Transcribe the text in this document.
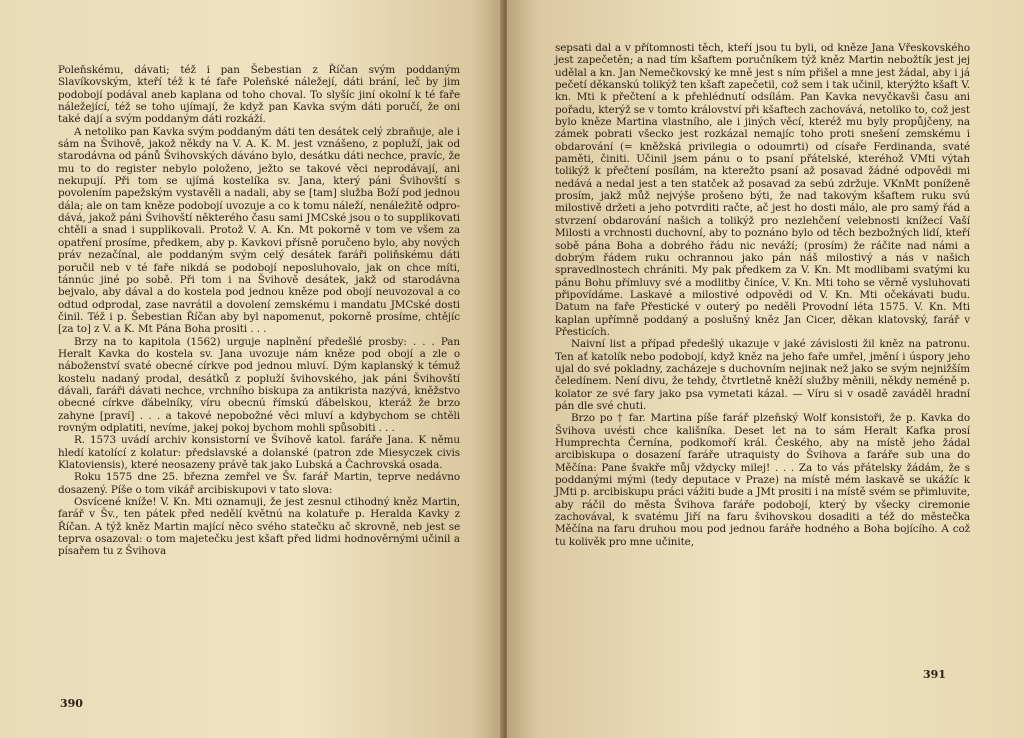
Poleňskému, dávati; též i pan Šebestian z Říčan svým poddaným Slavíkovským, kteří též k té faře Poleňské náležejí, dáti brání, leč by jim podobojí podával aneb kaplana od toho choval. To slyšíc jiní okolní k té faře náležející, též se toho ujímají, že když pan Kavka svým dáti poručí, že oni také dají a svým poddaným dáti rozkáží.

A netoliko pan Kavka svým poddaným dáti ten desátek celý zbraňuje, ale i sám na Švihově, jakož někdy na V. A. K. M. jest vznášeno, z popluží, jak od starodávna od pánů Švihovských dáváno bylo, desátku dáti nechce, pravíc, že mu to do register nebylo položeno, ježto se takové věci neprodávají, ani nekupují. Při tom se ujímá kostelíka sv. Jana, který páni Švihovští s povolením papežským vystavěli a nadali, aby se [tam] služba Boží pod jednou dála; ale on tam kněze podobojí uvozuje a co k tomu náleží, nenáležitě odprodává, jakož páni Švihovští některého času sami JMCské jsou o to supplikovati chtěli a snad i supplikovali. Protož V. A. Kn. Mt pokorně v tom ve všem za opatření prosíme, předkem, aby p. Kavkovi přísně poručeno bylo, aby nových práv nezačínal, ale poddaným svým celý desátek faráři poliňskému dáti poručil neb v té faře nikdá se podobojí neposluhovalo, jak on chce míti, tánnúc jiné po sobě. Při tom i na Švihově desátek, jakž od starodávna bejvalo, aby dával a do kostela pod jednou kněze pod obojí neuvozoval a co odtud odprodal, zase navrátil a dovolení zemskému i mandatu JMCské dosti činil. Též i p. Šebestian Říčan aby byl napomenut, pokorně prosíme, chtějíc [za to] z V. a K. Mt Pána Boha prositi . . .

Brzy na to kapitola (1562) urguje naplnění předešlé prosby: . . . Pan Heralt Kavka do kostela sv. Jana uvozuje nám kněze pod obojí a zle o náboženství svaté obecné církve pod jednou mluví. Dým kaplanský k témuž kostelu nadaný prodal, desátků z popluží švihovského, jak páni Švihovští dávali, faráři dávati nechce, vrchního biskupa za antikrista nazývá, kněžstvo obecné církve ďábelníky, víru obecnú římskú ďábelskou, kteráž že brzo zahyne [praví] . . . a takové nepobožné věci mluví a kdybychom se chtěli rovným odplatiti, nevíme, jakej pokoj bychom mohli spůsobiti . . .

R. 1573 uvádí archiv konsistorní ve Švihově katol. faráře Jana. K němu hledí katolící z kolatur: předslavské a dolanské (patron zde Miesyczek civis Klatoviensis), které neosazeny právě tak jako Lubská a Čachrovská osada.

Roku 1575 dne 25. března zemřel ve Šv. farář Martin, teprve nedávno dosazený. Píše o tom vikář arcibiskupovi v tato slova:

Osvícené kníže! V. Kn. Mti oznamuji, že jest zesnul ctihodný kněz Martin, farář v Šv., ten pátek před nedělí květnú na kolatuře p. Heralda Kavky z Říčan. A týž kněz Martin mající něco svého statečku ač skrovně, neb jest se teprva osazoval: o tom majetečku jest kšaft před lidmi hodnověrnými učinil a písařem tu z Švihova

390

sepsati dal a v přítomnosti těch, kteří jsou tu byli, od kněze Jana Vřeskovského jest zapečetěn; a nad tím kšaftem poručníkem týž kněz Martin nebožtík jest jej udělal a kn. Jan Nemečkovský ke mně jest s ním přišel a mne jest žádal, aby i já pečetí děkanskú tolikýž ten kšaft zapečetil, což sem i tak učinil, kterýžto kšaft V. kn. Mti k přečtení a k přehlédnutí odsílám. Pan Kavka nevyčkavši času ani pořadu, kterýž se v tomto království při kšaftech zachovává, netoliko to, což jest bylo kněze Martina vlastního, ale i jiných věcí, kteréž mu byly propůjčeny, na zámek pobrati všecko jest rozkázal nemajíc toho proti snešení zemskému i obdarování (= kněžská privilegia o odoumrti) od císaře Ferdinanda, svaté paměti, činiti. Učinil jsem pánu o to psaní přátelské, kteréhož VMti výtah tolikýž k přečtení posílám, na kterežto psaní až posavad žádné odpovědi mi nedává a nedal jest a ten statček až posavad za sebú zdržuje. VKnMt poníženě prosím, jakž můž nejvýše prošeno býti, že nad takovým kšaftem ruku svú milostivě držeti a jeho potvrditi račte, ač jest ho dosti málo, ale pro samý řád a stvrzení obdarování našich a tolikýž pro nezlehčení velebnosti knížecí Vaší Milosti a vrchnosti duchovní, aby to poznáno bylo od těch bezbožných lidí, kteří sobě pána Boha a dobrého řádu nic neváží; (prosím) že ráčite nad námi a dobrým řádem ruku ochrannou jako pán náš milostivý a nás v našich spravedlnostech chrániti. My pak předkem za V. Kn. Mt modlibami svatými ku pánu Bohu přímluvy své a modlitby činíce, V. Kn. Mti toho se věrně vysluhovati připovídáme. Laskavé a milostivé odpovědi od V. Kn. Mti očekávati budu. Datum na faře Přestické v outerý po neděli Provodní léta 1575. V. Kn. Mti kaplan upřímně poddaný a poslušný kněz Jan Cicer, děkan klatovský, farář v Přesticích.

Naivní list a případ předešlý ukazuje v jaké závislosti žil kněz na patronu. Ten ať katolík nebo podobojí, když kněz na jeho faře umřel, jmění i úspory jeho ujal do své pokladny, zacházeje s duchovním nejinak než jako se svým nejnižším čeledínem. Není divu, že tehdy, čtvrtletně kněží služby měnili, někdy neméně p. kolator ze své fary jako psa vymetati kázal. — Víru si v osadě zaváděl hradní pán dle své chuti.

Brzo po † far. Martina píše farář plzeňský Wolf konsistoři, že p. Kavka do Švihova uvésti chce kališníka. Deset let na to sám Heralt Kafka prosí Humprechta Černína, podkomoří král. Českého, aby na místě jeho žádal arcibiskupa o dosazení faráře utraquisty do Švihova a faráře sub una do Měčína: Pane švakře můj vždycky milej! . . . Za to vás přátelsky žádám, že s poddanými mými (tedy deputace v Praze) na místě mém laskavě se ukážíc k JMti p. arcibiskupu práci vážiti bude a JMt prositi i na místě svém se přimluvite, aby ráčil do města Švihova faráře podobojí, který by všecky ciremonie zachovával, k svatému Jiří na faru švihovskou dosaditi a též do městečka Měčína na faru druhou mou pod jednou faráře hodného a Boha bojícího. A což tu kolivěk pro mne učinite,

391
